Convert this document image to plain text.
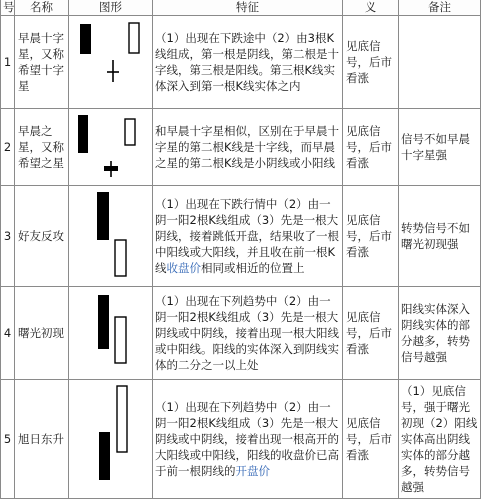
号	名称	图形	特征	义	备注
1	早晨十字星，又称希望十字星		（1）出现在下跌途中（2）由3根K线组成，第一根是阴线，第二根是十字线，第三根是阳线。第三根K线实体深入到第一根K线实体之内	见底信号，后市看涨	
2	早晨之星，又称希望之星		和早晨十字星相似，区别在于早晨十字星的第二根K线是十字线，而早晨之星的第二根K线是小阴线或小阳线	见底信号，后市看涨	信号不如早晨十字星强
3	好友反攻		（1）出现在下跌行情中（2）由一阴一阳2根K线组成（3）先是一根大阴线，接着跳低开盘，结果收了一根中阳线或大阳线，并且收在前一根K线收盘价相同或相近的位置上	见底信号，后市看涨	转势信号不如曙光初现强
4	曙光初现		（1）出现在下列趋势中（2）由一阴一阳2根K线组成（3）先是一根大阴线或中阴线，接着出现一根大阳线或中阳线。阳线的实体深入到阴线实体的二分之一以上处	见底信号，后市看涨	阳线实体深入阴线实体的部分越多，转势信号越强
5	旭日东升		（1）出现在下列趋势中（2）由一阴一阳2根K线组成（3）先是一根大阴线或中阴线，接着出现一根高开的大阳线或中阳线，阳线的收盘价已高于前一根阴线的开盘价	见底信号，后市看涨	（1）见底信号，强于曙光初现（2）阳线实体高出阴线实体的部分越多，转势信号越强
